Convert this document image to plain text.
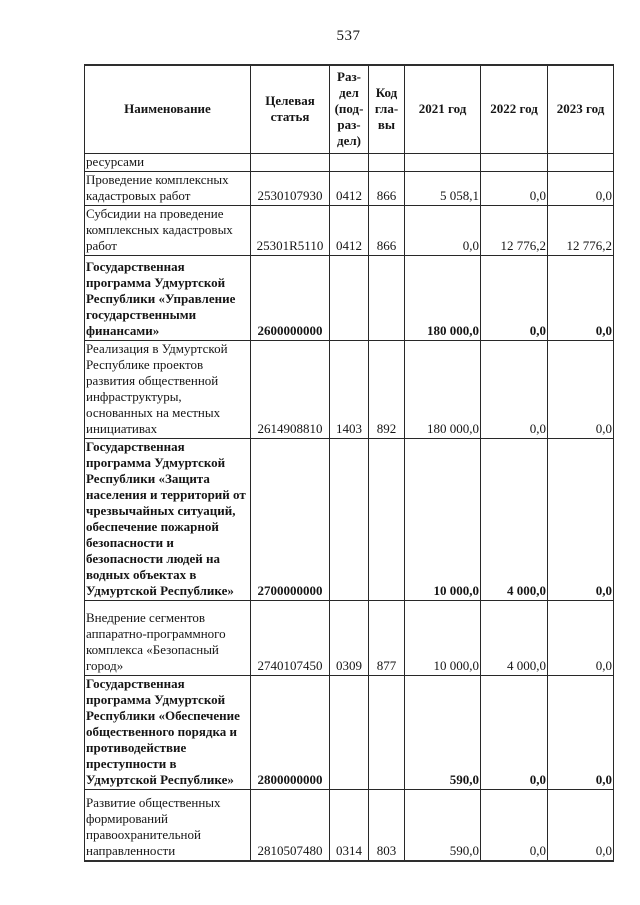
537
Наименование	Целевая статья	Раз-дел (под-раз-дел)	Код гла-вы	2021 год	2022 год	2023 год
ресурсами						
Проведение комплексных кадастровых работ	2530107930	0412	866	5 058,1	0,0	0,0
Субсидии на проведение комплексных кадастровых работ	25301R5110	0412	866	0,0	12 776,2	12 776,2
Государственная программа Удмуртской Республики «Управление государственными финансами»	2600000000			180 000,0	0,0	0,0
Реализация в Удмуртской Республике проектов развития общественной инфраструктуры, основанных на местных инициативах	2614908810	1403	892	180 000,0	0,0	0,0
Государственная программа Удмуртской Республики «Защита населения и территорий от чрезвычайных ситуаций, обеспечение пожарной безопасности и безопасности людей на водных объектах в Удмуртской Республике»	2700000000			10 000,0	4 000,0	0,0
Внедрение сегментов аппаратно-программного комплекса «Безопасный город»	2740107450	0309	877	10 000,0	4 000,0	0,0
Государственная программа Удмуртской Республики «Обеспечение общественного порядка и противодействие преступности в Удмуртской Республике»	2800000000			590,0	0,0	0,0
Развитие общественных формирований правоохранительной направленности	2810507480	0314	803	590,0	0,0	0,0
